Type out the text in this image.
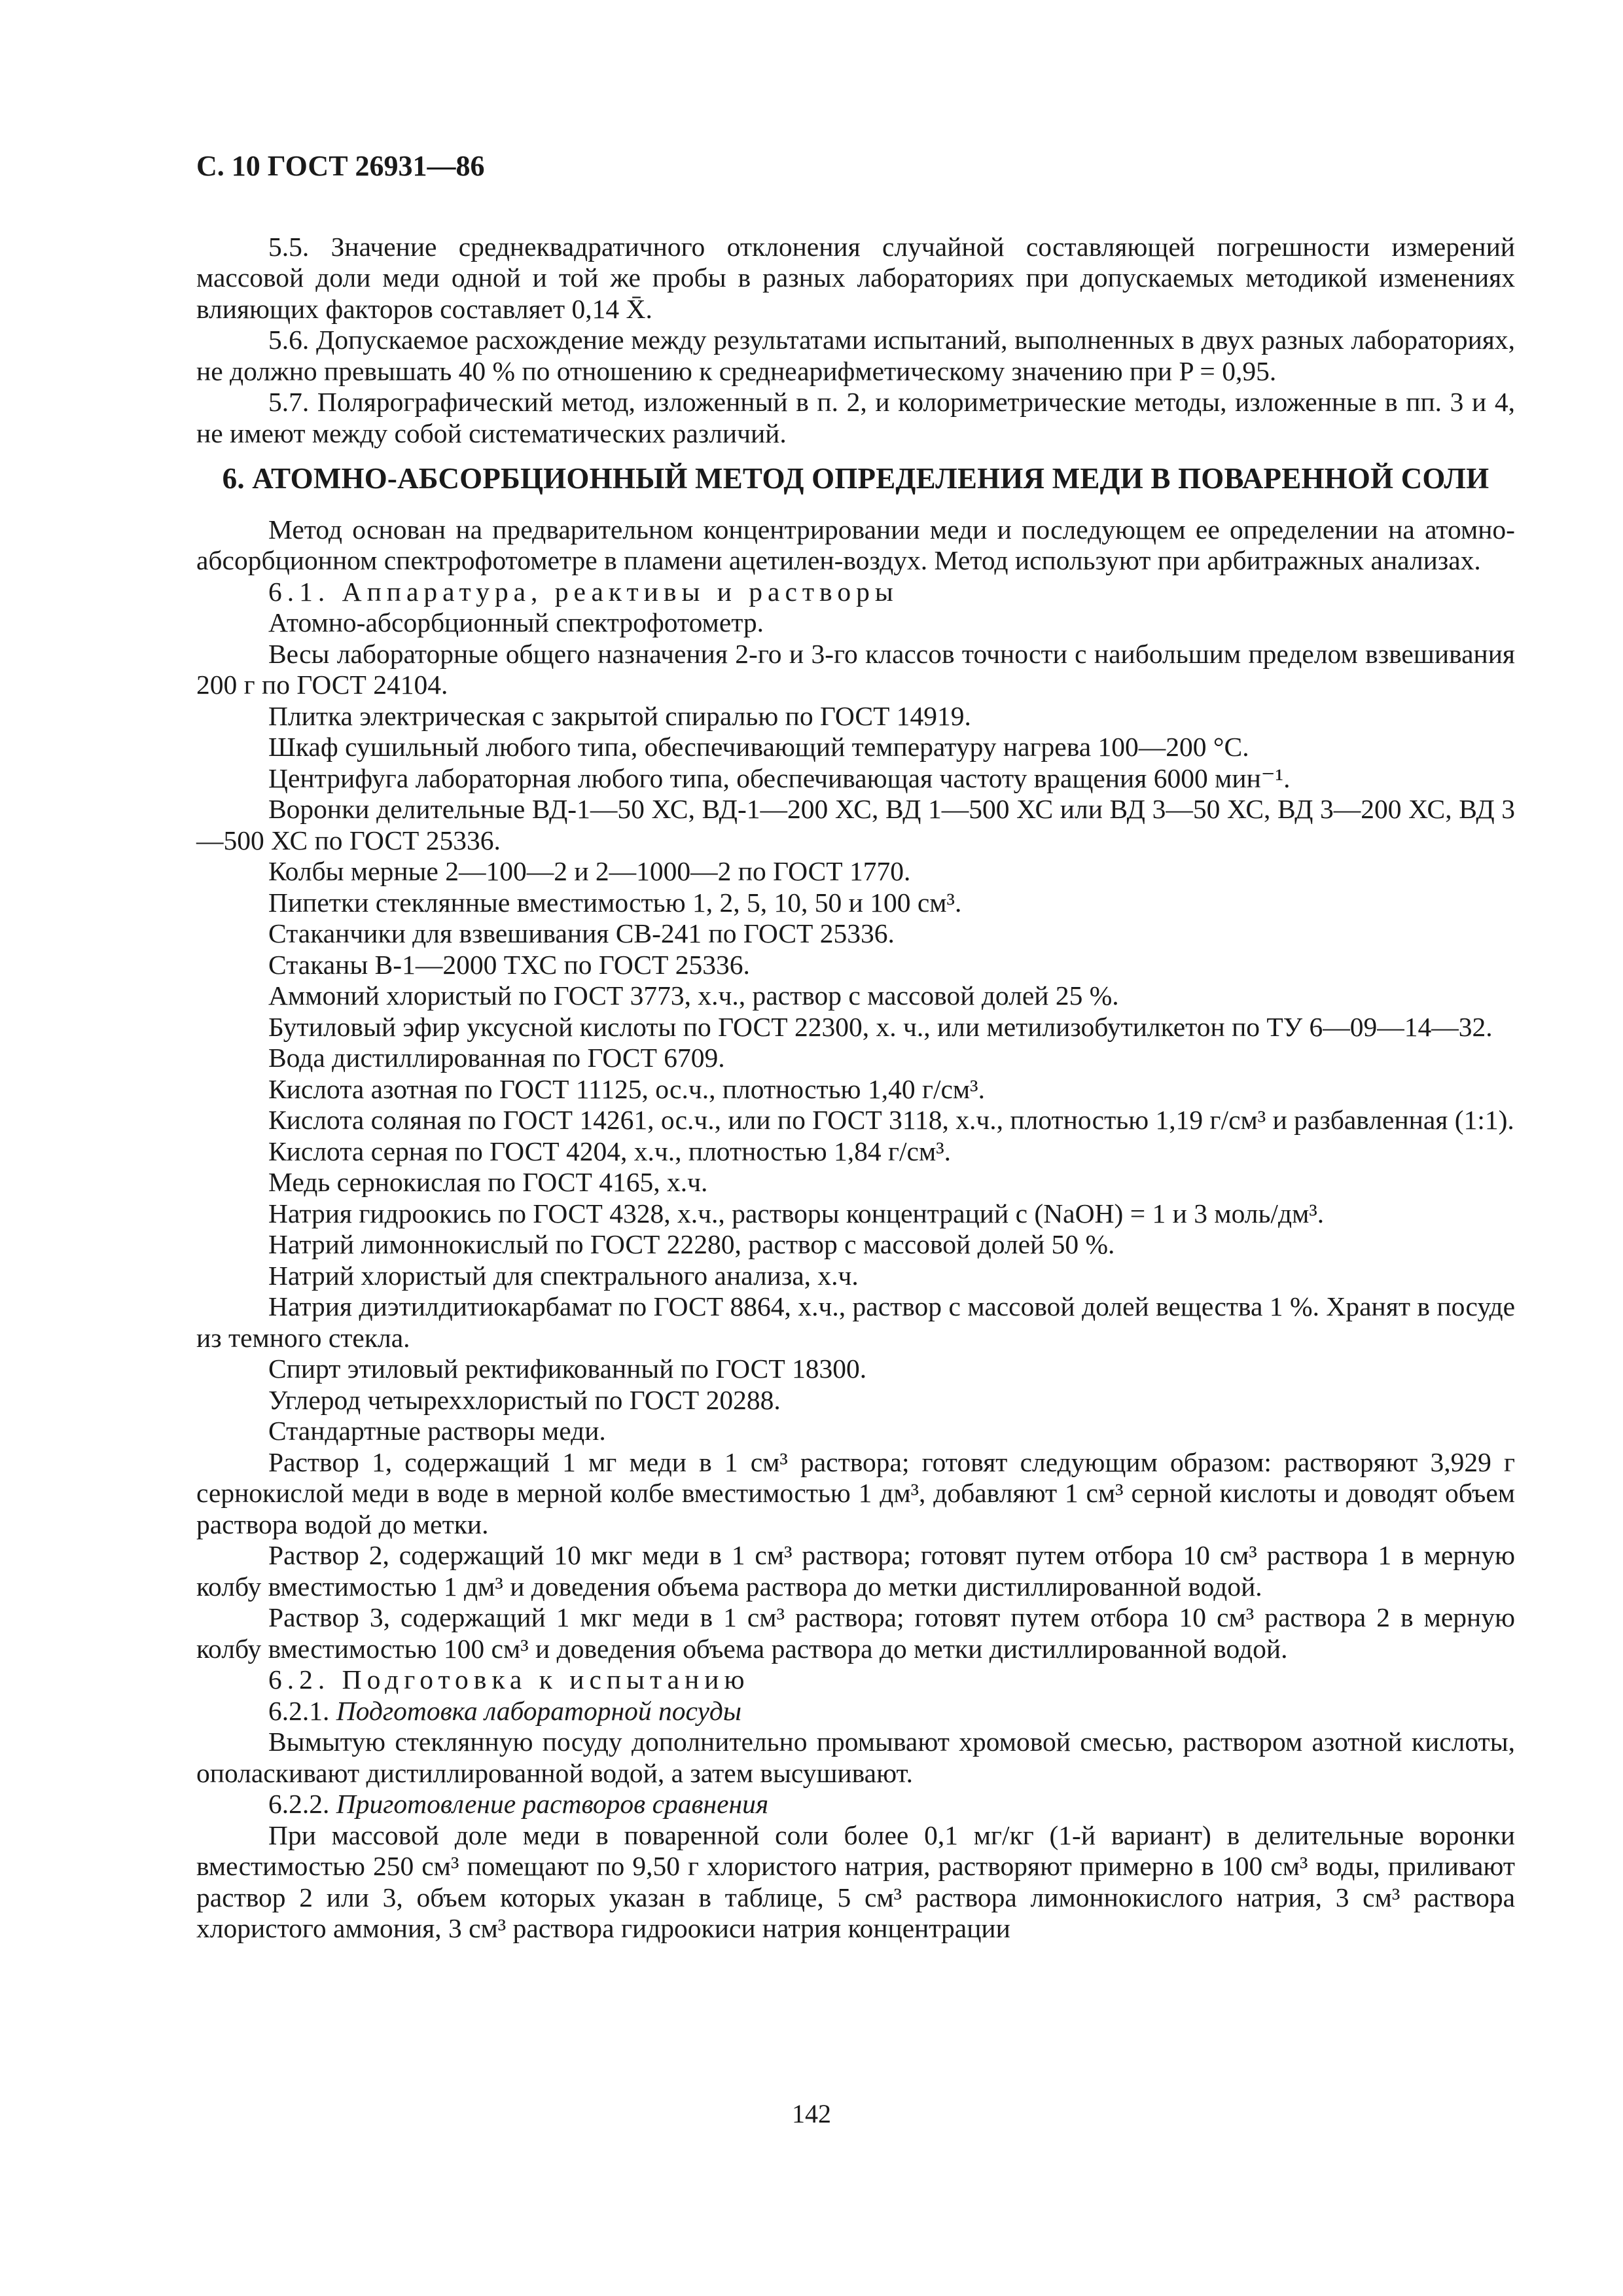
С. 10 ГОСТ 26931—86

5.5. Значение среднеквадратичного отклонения случайной составляющей погрешности измерений массовой доли меди одной и той же пробы в разных лабораториях при допускаемых методикой изменениях влияющих факторов составляет 0,14 X̄.

5.6. Допускаемое расхождение между результатами испытаний, выполненных в двух разных лабораториях, не должно превышать 40 % по отношению к среднеарифметическому значению при P = 0,95.

5.7. Полярографический метод, изложенный в п. 2, и колориметрические методы, изложенные в пп. 3 и 4, не имеют между собой систематических различий.

6. АТОМНО-АБСОРБЦИОННЫЙ МЕТОД ОПРЕДЕЛЕНИЯ МЕДИ В ПОВАРЕННОЙ СОЛИ

Метод основан на предварительном концентрировании меди и последующем ее определении на атомно-абсорбционном спектрофотометре в пламени ацетилен-воздух. Метод используют при арбитражных анализах.

6.1. Аппаратура, реактивы и растворы

Атомно-абсорбционный спектрофотометр.

Весы лабораторные общего назначения 2-го и 3-го классов точности с наибольшим пределом взвешивания 200 г по ГОСТ 24104.

Плитка электрическая с закрытой спиралью по ГОСТ 14919.

Шкаф сушильный любого типа, обеспечивающий температуру нагрева 100—200 °С.

Центрифуга лабораторная любого типа, обеспечивающая частоту вращения 6000 мин⁻¹.

Воронки делительные ВД-1—50 ХС, ВД-1—200 ХС, ВД 1—500 ХС или ВД 3—50 ХС, ВД 3—200 ХС, ВД 3—500 ХС по ГОСТ 25336.

Колбы мерные 2—100—2 и 2—1000—2 по ГОСТ 1770.

Пипетки стеклянные вместимостью 1, 2, 5, 10, 50 и 100 см³.

Стаканчики для взвешивания СВ-241 по ГОСТ 25336.

Стаканы В-1—2000 ТХС по ГОСТ 25336.

Аммоний хлористый по ГОСТ 3773, х.ч., раствор с массовой долей 25 %.

Бутиловый эфир уксусной кислоты по ГОСТ 22300, х. ч., или метилизобутилкетон по ТУ 6—09—14—32.

Вода дистиллированная по ГОСТ 6709.

Кислота азотная по ГОСТ 11125, ос.ч., плотностью 1,40 г/см³.

Кислота соляная по ГОСТ 14261, ос.ч., или по ГОСТ 3118, х.ч., плотностью 1,19 г/см³ и разбавленная (1:1).

Кислота серная по ГОСТ 4204, х.ч., плотностью 1,84 г/см³.

Медь сернокислая по ГОСТ 4165, х.ч.

Натрия гидроокись по ГОСТ 4328, х.ч., растворы концентраций c (NaOH) = 1 и 3 моль/дм³.

Натрий лимоннокислый по ГОСТ 22280, раствор с массовой долей 50 %.

Натрий хлористый для спектрального анализа, х.ч.

Натрия диэтилдитиокарбамат по ГОСТ 8864, х.ч., раствор с массовой долей вещества 1 %. Хранят в посуде из темного стекла.

Спирт этиловый ректификованный по ГОСТ 18300.

Углерод четыреххлористый по ГОСТ 20288.

Стандартные растворы меди.

Раствор 1, содержащий 1 мг меди в 1 см³ раствора; готовят следующим образом: растворяют 3,929 г сернокислой меди в воде в мерной колбе вместимостью 1 дм³, добавляют 1 см³ серной кислоты и доводят объем раствора водой до метки.

Раствор 2, содержащий 10 мкг меди в 1 см³ раствора; готовят путем отбора 10 см³ раствора 1 в мерную колбу вместимостью 1 дм³ и доведения объема раствора до метки дистиллированной водой.

Раствор 3, содержащий 1 мкг меди в 1 см³ раствора; готовят путем отбора 10 см³ раствора 2 в мерную колбу вместимостью 100 см³ и доведения объема раствора до метки дистиллированной водой.

6.2. Подготовка к испытанию

6.2.1. Подготовка лабораторной посуды

Вымытую стеклянную посуду дополнительно промывают хромовой смесью, раствором азотной кислоты, ополаскивают дистиллированной водой, а затем высушивают.

6.2.2. Приготовление растворов сравнения

При массовой доле меди в поваренной соли более 0,1 мг/кг (1-й вариант) в делительные воронки вместимостью 250 см³ помещают по 9,50 г хлористого натрия, растворяют примерно в 100 см³ воды, приливают раствор 2 или 3, объем которых указан в таблице, 5 см³ раствора лимоннокислого натрия, 3 см³ раствора хлористого аммония, 3 см³ раствора гидроокиси натрия концентрации

142
